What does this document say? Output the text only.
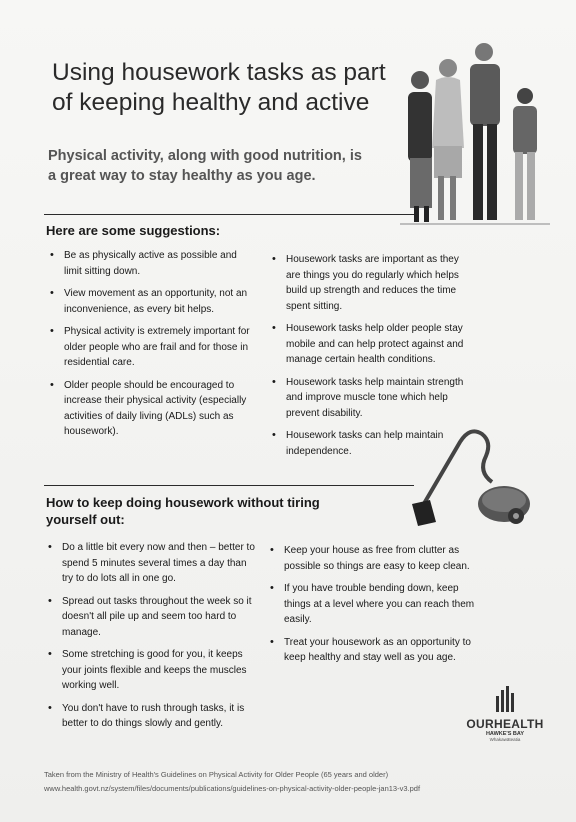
Using housework tasks as part of keeping healthy and active

Physical activity, along with good nutrition, is a great way to stay healthy as you age.

Here are some suggestions:
• Be as physically active as possible and limit sitting down.
• View movement as an opportunity, not an inconvenience, as every bit helps.
• Physical activity is extremely important for older people who are frail and for those in residential care.
• Older people should be encouraged to increase their physical activity (especially activities of daily living (ADLs) such as housework).
• Housework tasks are important as they are things you do regularly which helps build up strength and reduces the time spent sitting.
• Housework tasks help older people stay mobile and can help protect against and manage certain health conditions.
• Housework tasks help maintain strength and improve muscle tone which help prevent disability.
• Housework tasks can help maintain independence.
How to keep doing housework without tiring yourself out:
• Do a little bit every now and then – better to spend 5 minutes several times a day than try to do lots all in one go.
• Spread out tasks throughout the week so it doesn't all pile up and seem too hard to manage.
• Some stretching is good for you, it keeps your joints flexible and keeps the muscles working well.
• You don't have to rush through tasks, it is better to do things slowly and gently.
• Keep your house as free from clutter as possible so things are easy to keep clean.
• If you have trouble bending down, keep things at a level where you can reach them easily.
• Treat your housework as an opportunity to keep healthy and stay well as you age.
OURHEALTH
HAWKE'S BAY
Whakawāteatia
Taken from the Ministry of Health's Guidelines on Physical Activity for Older People (65 years and older)
www.health.govt.nz/system/files/documents/publications/guidelines-on-physical-activity-older-people-jan13-v3.pdf
